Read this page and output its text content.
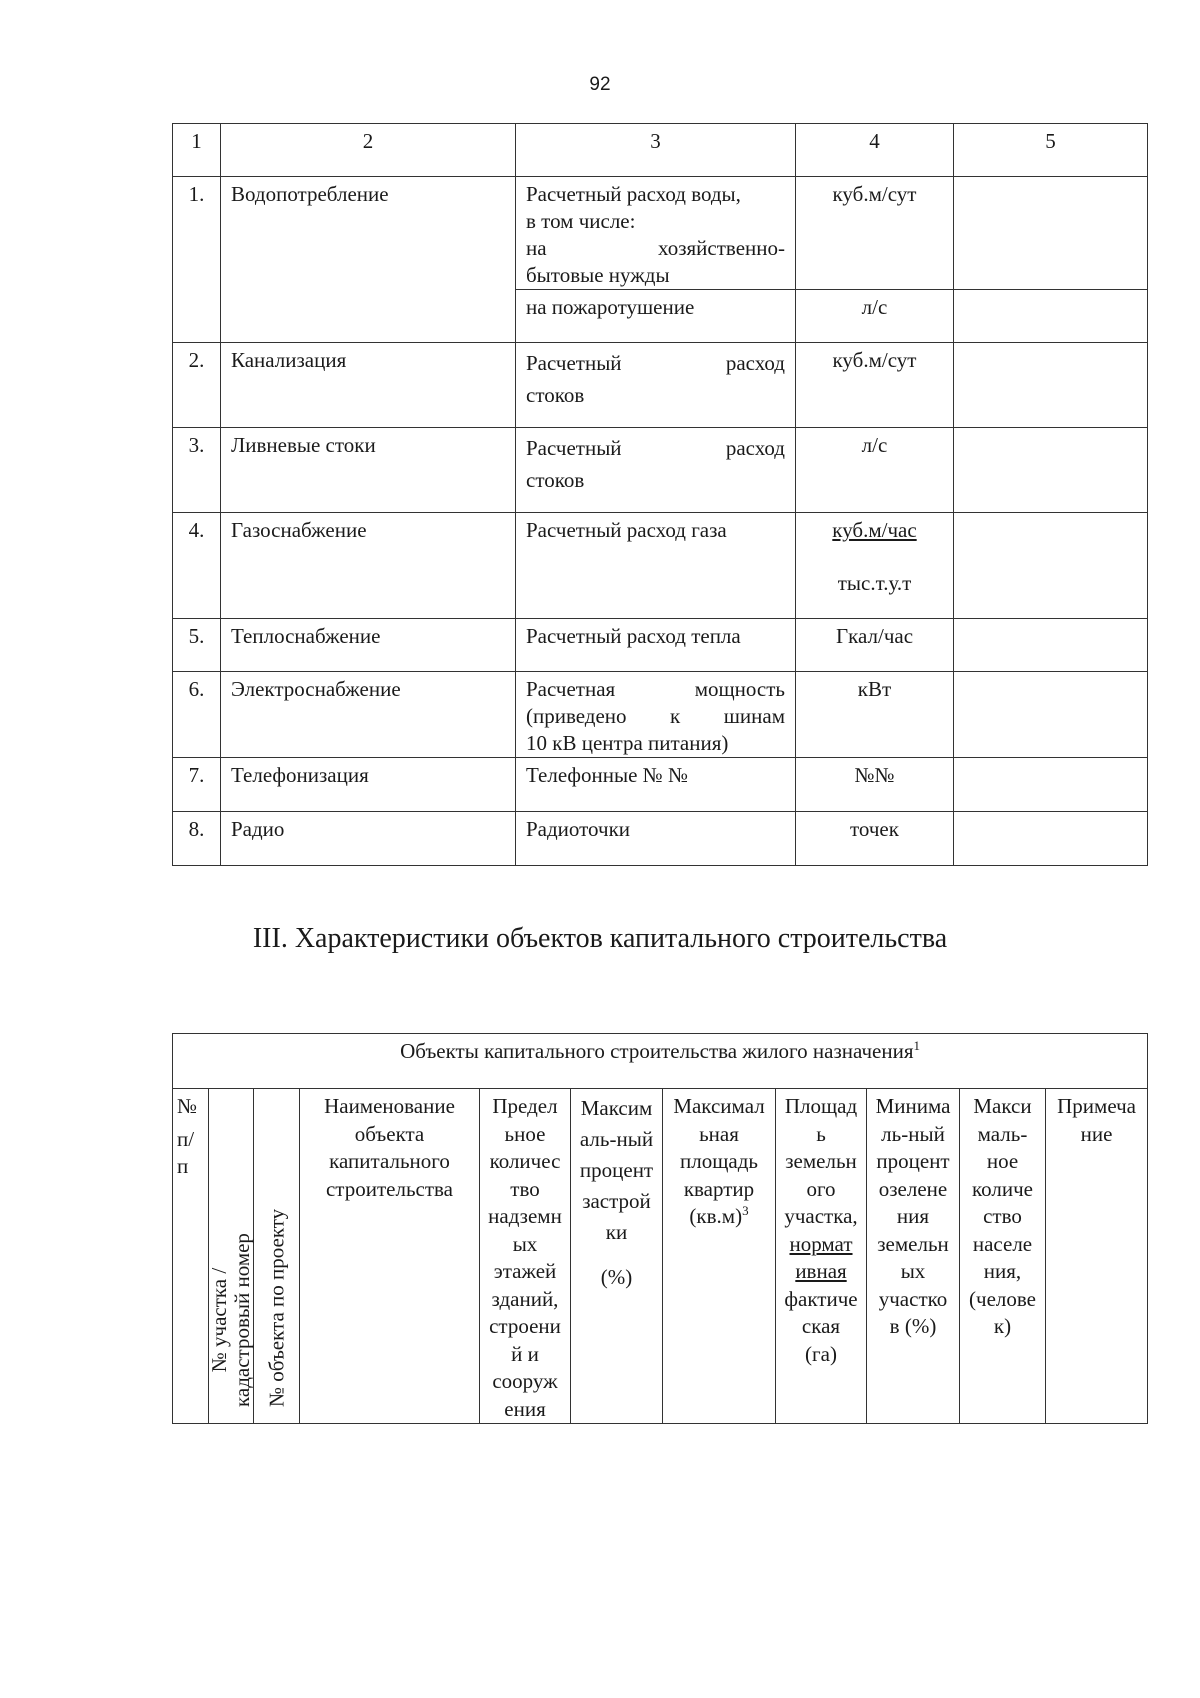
92
1	2	3	4	5
1.	Водопотребление	Расчетный расход воды,
в том числе:
на хозяйственно-
бытовые нужды	куб.м/сут	
		на пожаротушение	л/с	
2.	Канализация	Расчетный расход
стоков	куб.м/сут	
3.	Ливневые стоки	Расчетный расход
стоков	л/с	
4.	Газоснабжение	Расчетный расход газа	куб.м/час
тыс.т.у.т	

5.	Теплоснабжение	Расчетный расход тепла	Гкал/час	
6.	Электроснабжение	Расчетная мощность
(приведено к шинам
10 кВ центра питания)	кВт	
7.	Телефонизация	Телефонные № №	№№	
8.	Радио	Радиоточки	точек	
III. Характеристики объектов капитального строительства
Объекты капитального строительства жилого назначения$^1$

№
п/
п

№ участка / кадастровый номер	№ объекта по проекту

Наименование
объекта
капитального
строительства

Предел
ьное
количес
тво
надземн
ых
этажей
зданий,
строени
й и
сооруж
ения

Максим
аль-ный
процент
застрой
ки
(%)

Максимал
ьная
площадь
квартир
$(кв.м)^3$

Площад
ь
земельн
ого
участка,
нормат
ивная
фактиче
ская
(га)

Минима
ль-ный
процент
озелене
ния
земельн
ых
участко
в (%)

Макси
маль-
ное
количе
ство
населе
ния,
(челове
к)

Примеча
ние
